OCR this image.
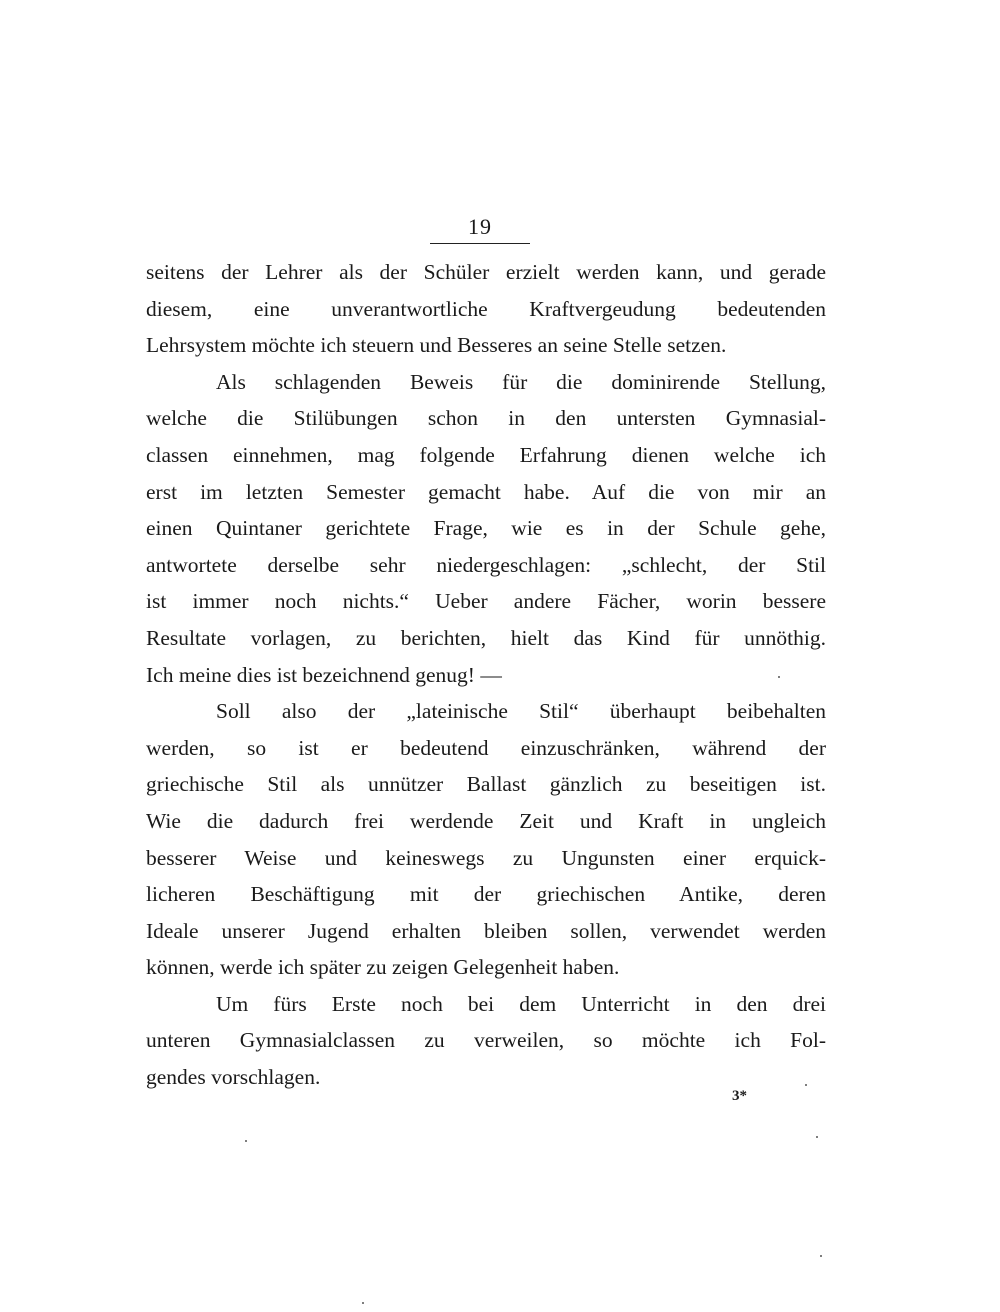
19
seitens der Lehrer als der Schüler erzielt werden kann, und gerade
diesem, eine unverantwortliche Kraftvergeudung bedeutenden
Lehrsystem möchte ich steuern und Besseres an seine Stelle setzen.
Als schlagenden Beweis für die dominirende Stellung,
welche die Stilübungen schon in den untersten Gymnasial-
classen einnehmen, mag folgende Erfahrung dienen welche ich
erst im letzten Semester gemacht habe. Auf die von mir an
einen Quintaner gerichtete Frage, wie es in der Schule gehe,
antwortete derselbe sehr niedergeschlagen: „schlecht, der Stil
ist immer noch nichts.“ Ueber andere Fächer, worin bessere
Resultate vorlagen, zu berichten, hielt das Kind für unnöthig.
Ich meine dies ist bezeichnend genug! —
Soll also der „lateinische Stil“ überhaupt beibehalten
werden, so ist er bedeutend einzuschränken, während der
griechische Stil als unnützer Ballast gänzlich zu beseitigen ist.
Wie die dadurch frei werdende Zeit und Kraft in ungleich
besserer Weise und keineswegs zu Ungunsten einer erquick-
licheren Beschäftigung mit der griechischen Antike, deren
Ideale unserer Jugend erhalten bleiben sollen, verwendet werden
können, werde ich später zu zeigen Gelegenheit haben.
Um fürs Erste noch bei dem Unterricht in den drei
unteren Gymnasialclassen zu verweilen, so möchte ich Fol-
gendes vorschlagen.
3*
